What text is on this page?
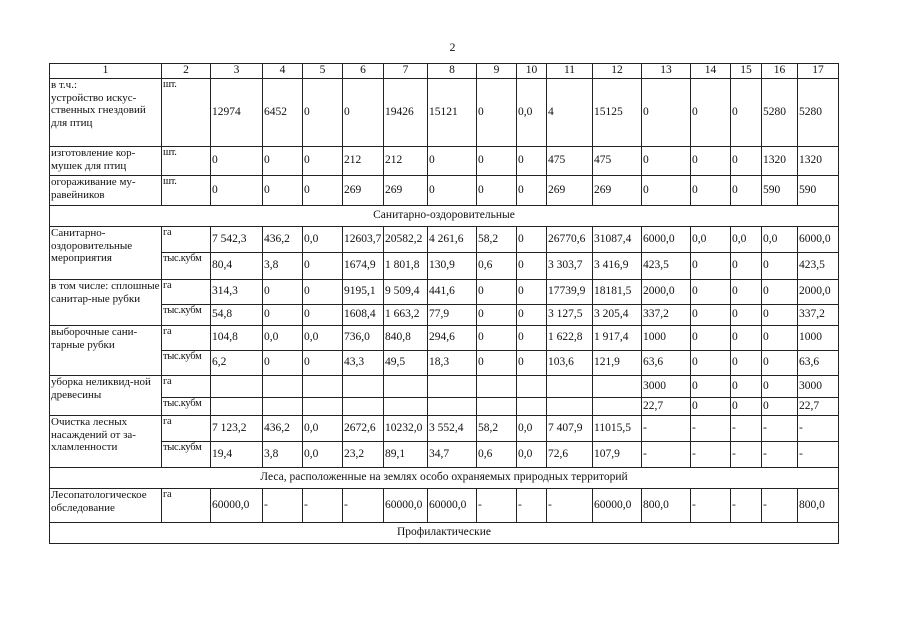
2
1	2	3	4	5	6	7	8	9	10	11	12	13	14	15	16	17
в т.ч.:
устройство искус-ственных гнездовий для птиц	шт.	12974	6452	0	0	19426	15121	0	0,0	4	15125	0	0	0	5280	5280
изготовление кор-мушек для птиц	шт.	0	0	0	212	212	0	0	0	475	475	0	0	0	1320	1320
огораживание му-равейников	шт.	0	0	0	269	269	0	0	0	269	269	0	0	0	590	590
Санитарно-оздоровительные																
Санитарно-оздоровительные мероприятия	га	7 542,3	436,2	0,0	12603,7	20582,2	4 261,6	58,2	0	26770,6	31087,4	6000,0	0,0	0,0	0,0	6000,0
	тыс.кубм	80,4	3,8	0	1674,9	1 801,8	130,9	0,6	0	3 303,7	3 416,9	423,5	0	0	0	423,5
в том числе: сплошные санитар-ные рубки	га	314,3	0	0	9195,1	9 509,4	441,6	0	0	17739,9	18181,5	2000,0	0	0	0	2000,0
	тыс.кубм	54,8	0	0	1608,4	1 663,2	77,9	0	0	3 127,5	3 205,4	337,2	0	0	0	337,2
выборочные сани-тарные рубки	га	104,8	0,0	0,0	736,0	840,8	294,6	0	0	1 622,8	1 917,4	1000	0	0	0	1000
	тыс.кубм	6,2	0	0	43,3	49,5	18,3	0	0	103,6	121,9	63,6	0	0	0	63,6
уборка неликвид-ной древесины	га											3000	0	0	0	3000
	тыс.кубм											22,7	0	0	0	22,7
Очистка лесных насаждений от за-хламленности	га	7 123,2	436,2	0,0	2672,6	10232,0	3 552,4	58,2	0,0	7 407,9	11015,5	-	-	-	-	-
	тыс.кубм	19,4	3,8	0,0	23,2	89,1	34,7	0,6	0,0	72,6	107,9	-	-	-	-	-
Леса, расположенные на землях особо охраняемых природных территорий																
Лесопатологическое обследование	га	60000,0	-	-	-	60000,0	60000,0	-	-	-	60000,0	800,0	-	-	-	800,0
Профилактические																
